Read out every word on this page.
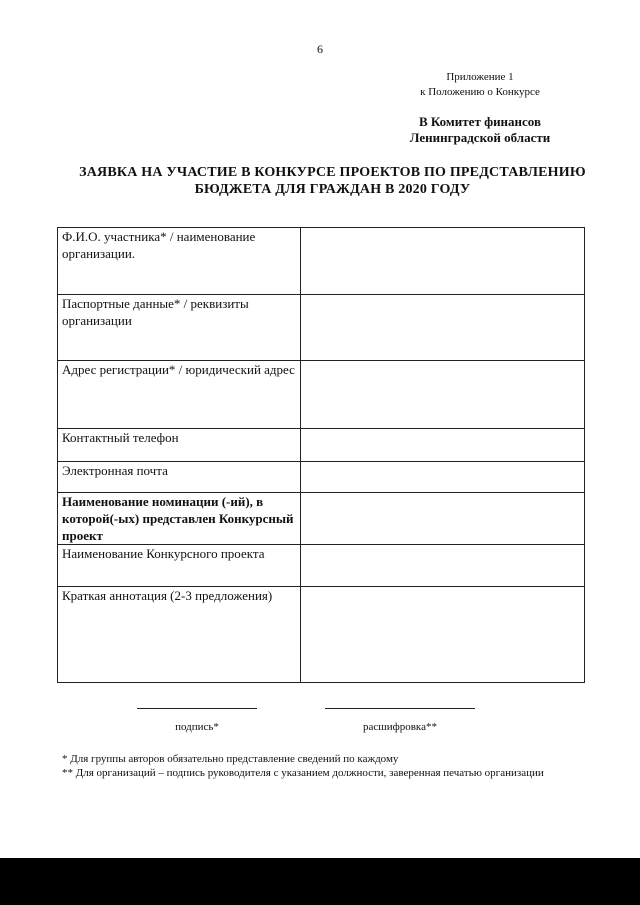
6
Приложение 1
к Положению о Конкурсе
В Комитет финансов
Ленинградской области
ЗАЯВКА НА УЧАСТИЕ В КОНКУРСЕ ПРОЕКТОВ ПО ПРЕДСТАВЛЕНИЮ
БЮДЖЕТА ДЛЯ ГРАЖДАН В 2020 ГОДУ
Ф.И.О. участника* / наименование организации.	
Паспортные данные* / реквизиты организации	
Адрес регистрации* / юридический адрес	
Контактный телефон	
Электронная почта	
Наименование номинации (-ий), в которой(-ых) представлен Конкурсный проект	
Наименование Конкурсного проекта	
Краткая аннотация (2-3 предложения)	
подпись*	расшифровка**

* Для группы авторов обязательно представление сведений по каждому

** Для организаций – подпись руководителя с указанием должности, заверенная печатью организации
